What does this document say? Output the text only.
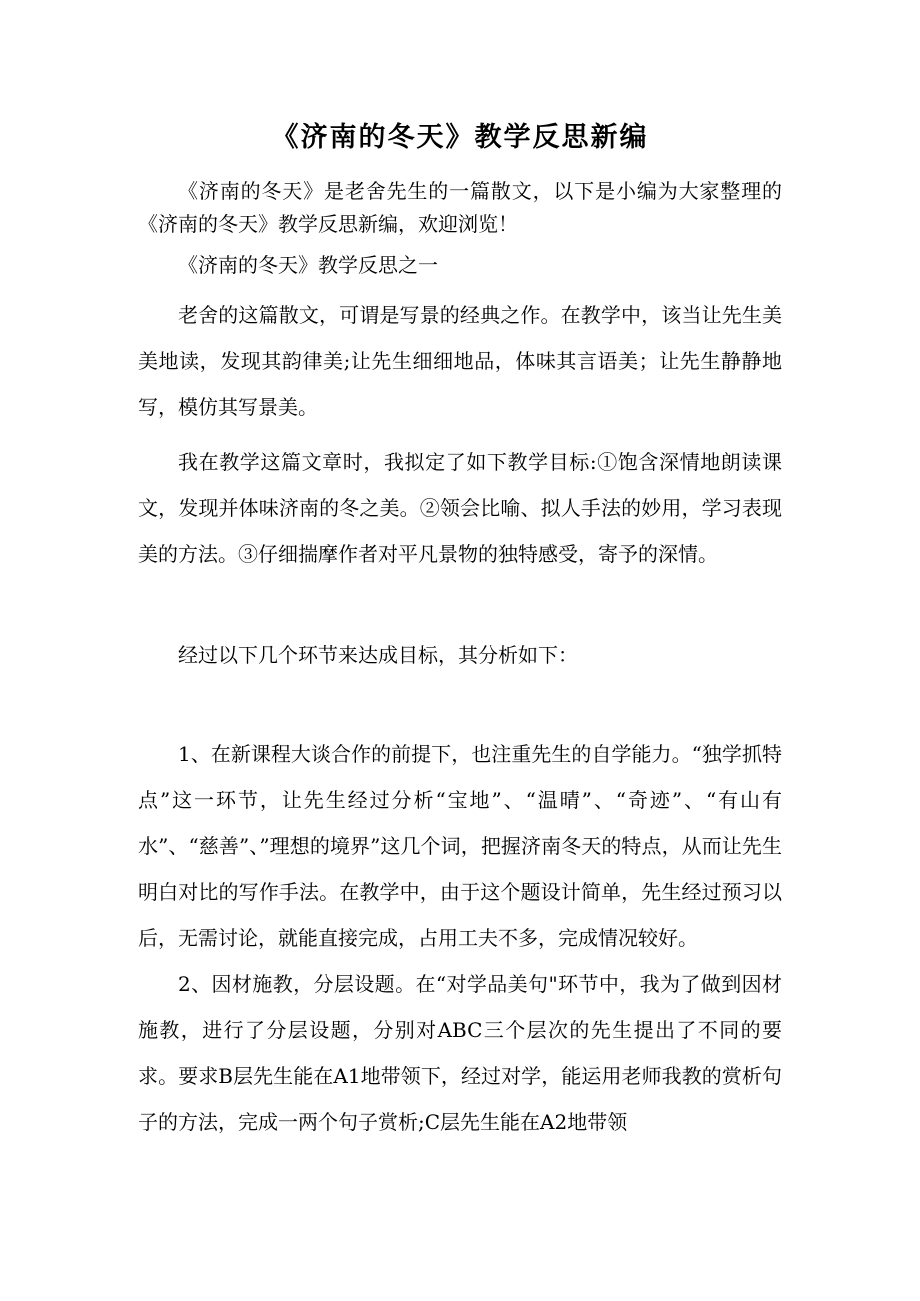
《济南的冬天》教学反思新编

《济南的冬天》是老舍先生的一篇散文，以下是小编为大家整理的《济南的冬天》教学反思新编，欢迎浏览！

《济南的冬天》教学反思之一

老舍的这篇散文，可谓是写景的经典之作。在教学中，该当让先生美美地读，发现其韵律美;让先生细细地品，体味其言语美；让先生静静地写，模仿其写景美。

我在教学这篇文章时，我拟定了如下教学目标:①饱含深情地朗读课文，发现并体味济南的冬之美。②领会比喻、拟人手法的妙用，学习表现美的方法。③仔细揣摩作者对平凡景物的独特感受，寄予的深情。

经过以下几个环节来达成目标，其分析如下：

1、在新课程大谈合作的前提下，也注重先生的自学能力。“独学抓特点”这一环节，让先生经过分析“宝地”、“温晴”、“奇迹”、“有山有水”、“慈善”、”理想的境界”这几个词，把握济南冬天的特点，从而让先生明白对比的写作手法。在教学中，由于这个题设计简单，先生经过预习以后，无需讨论，就能直接完成，占用工夫不多，完成情况较好。

2、因材施教，分层设题。在“对学品美句"环节中，我为了做到因材施教，进行了分层设题，分别对ABC三个层次的先生提出了不同的要求。要求B层先生能在A1地带领下，经过对学，能运用老师我教的赏析句子的方法，完成一两个句子赏析;C层先生能在A2地带领
